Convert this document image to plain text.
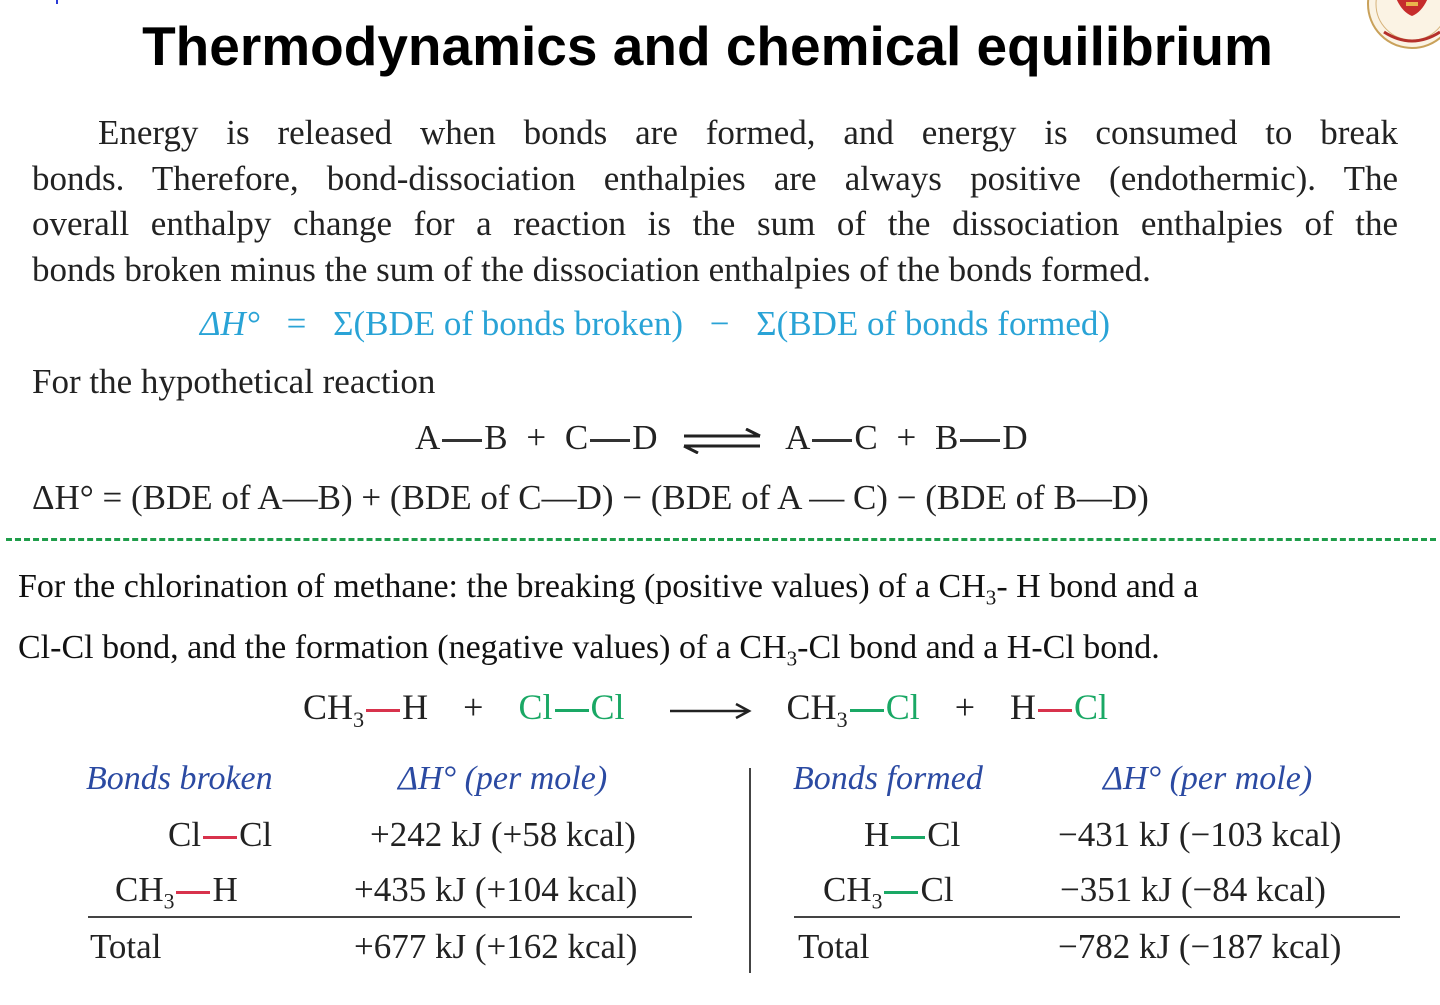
Thermodynamics and chemical equilibrium
Energy is released when bonds are formed, and energy is consumed to break
bonds. Therefore, bond-dissociation enthalpies are always positive (endothermic). The
overall enthalpy change for a reaction is the sum of the dissociation enthalpies of the
bonds broken minus the sum of the dissociation enthalpies of the bonds formed.
ΔH° = Σ(BDE of bonds broken) − Σ(BDE of bonds formed)
For the hypothetical reaction
A B + C D ⇌ A C + B D
ΔH° = (BDE of A—B) + (BDE of C—D) − (BDE of A — C) − (BDE of B—D)
For the chlorination of methane: the breaking (positive values) of a $CH_3-$ H bond and a
Cl-Cl bond, and the formation (negative values) of a $CH_3-Cl$ bond and a H-Cl bond.
$CH_3$ H + Cl $Cl \to CH_3$ Cl + H Cl
Bonds broken	ΔH° (per mole)
Cl Cl	+242 kJ (+58 kcal)
$CH_3$ H	+435 kJ (+104 kcal)
Total	+677 kJ (+162 kcal)
Bonds formed	ΔH° (per mole)
H Cl	−431 kJ (−103 kcal)
$CH_3$ Cl	−351 kJ (−84 kcal)
Total	−782 kJ (−187 kcal)
